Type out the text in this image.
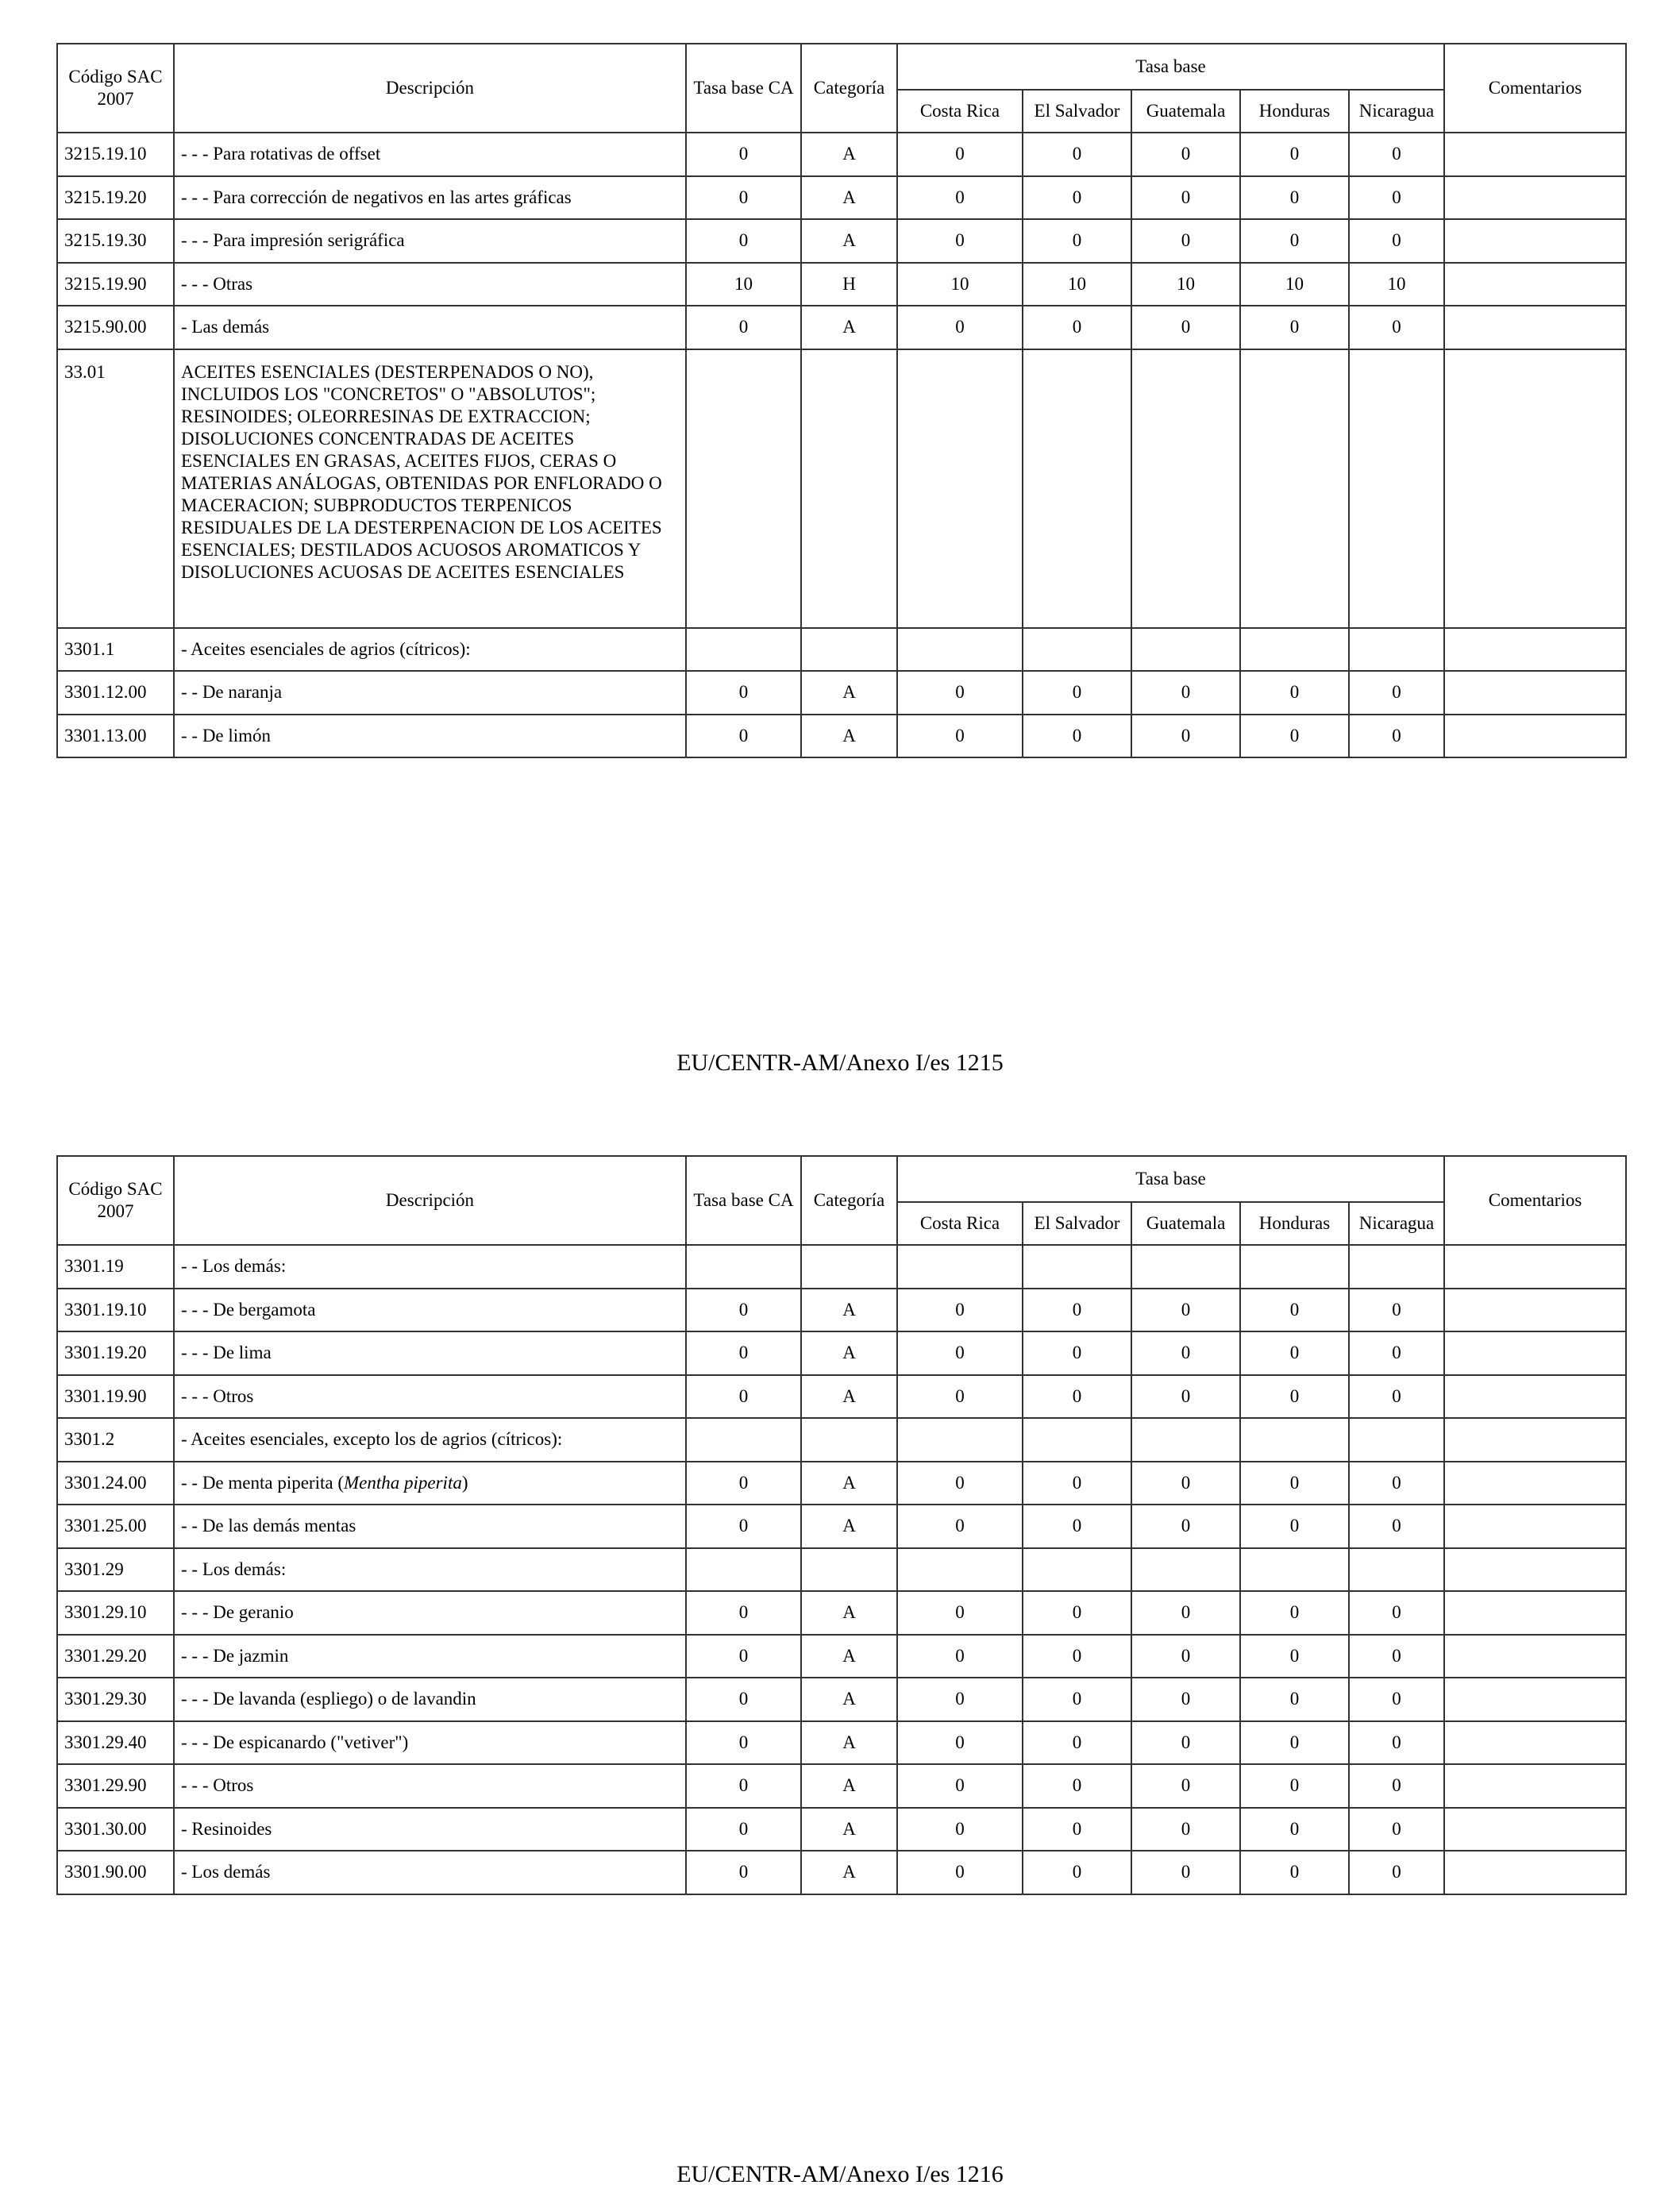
Código SAC 2007	Descripción	Tasa base CA	Categoría	Tasa base					Comentarios
				Costa Rica	El Salvador	Guatemala	Honduras	Nicaragua	
3215.19.10	- - - Para rotativas de offset	0	A	0	0	0	0	0	
3215.19.20	- - - Para corrección de negativos en las artes gráficas	0	A	0	0	0	0	0	
3215.19.30	- - - Para impresión serigráfica	0	A	0	0	0	0	0	
3215.19.90	- - - Otras	10	H	10	10	10	10	10	
3215.90.00	- Las demás	0	A	0	0	0	0	0	
33.01	ACEITES ESENCIALES (DESTERPENADOS O NO), INCLUIDOS LOS "CONCRETOS" O "ABSOLUTOS"; RESINOIDES; OLEORRESINAS DE EXTRACCION; DISOLUCIONES CONCENTRADAS DE ACEITES ESENCIALES EN GRASAS, ACEITES FIJOS, CERAS O MATERIAS ANÁLOGAS, OBTENIDAS POR ENFLORADO O MACERACION; SUBPRODUCTOS TERPENICOS RESIDUALES DE LA DESTERPENACION DE LOS ACEITES ESENCIALES; DESTILADOS ACUOSOS AROMATICOS Y DISOLUCIONES ACUOSAS DE ACEITES ESENCIALES								
3301.1	- Aceites esenciales de agrios (cítricos):								
3301.12.00	- - De naranja	0	A	0	0	0	0	0	
3301.13.00	- - De limón	0	A	0	0	0	0	0	
EU/CENTR-AM/Anexo I/es 1215
Código SAC 2007	Descripción	Tasa base CA	Categoría	Tasa base					Comentarios
				Costa Rica	El Salvador	Guatemala	Honduras	Nicaragua	
3301.19	- - Los demás:								
3301.19.10	- - - De bergamota	0	A	0	0	0	0	0	
3301.19.20	- - - De lima	0	A	0	0	0	0	0	
3301.19.90	- - - Otros	0	A	0	0	0	0	0	
3301.2	- Aceites esenciales, excepto los de agrios (cítricos):								
3301.24.00	- - De menta piperita (Mentha piperita)	0	A	0	0	0	0	0	
3301.25.00	- - De las demás mentas	0	A	0	0	0	0	0	
3301.29	- - Los demás:								
3301.29.10	- - - De geranio	0	A	0	0	0	0	0	
3301.29.20	- - - De jazmin	0	A	0	0	0	0	0	
3301.29.30	- - - De lavanda (espliego) o de lavandin	0	A	0	0	0	0	0	
3301.29.40	- - - De espicanardo ("vetiver")	0	A	0	0	0	0	0	
3301.29.90	- - - Otros	0	A	0	0	0	0	0	
3301.30.00	- Resinoides	0	A	0	0	0	0	0	
3301.90.00	- Los demás	0	A	0	0	0	0	0	
EU/CENTR-AM/Anexo I/es 1216
